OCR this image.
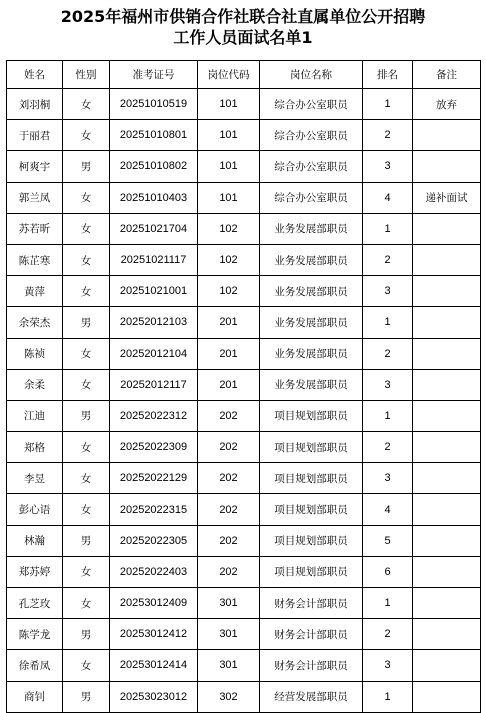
2025年福州市供销合作社联合社直属单位公开招聘
工作人员面试名单1
姓名	性别	准考证号	岗位代码	岗位名称	排名	备注
刘羽桐	女	20251010519	101	综合办公室职员	1	放弃
于丽君	女	20251010801	101	综合办公室职员	2	
柯爽宇	男	20251010802	101	综合办公室职员	3	
郭兰凤	女	20251010403	101	综合办公室职员	4	递补面试
苏若昕	女	20251021704	102	业务发展部职员	1	
陈芷寒	女	20251021117	102	业务发展部职员	2	
黄萍	女	20251021001	102	业务发展部职员	3	
余荣杰	男	20252012103	201	业务发展部职员	1	
陈祯	女	20252012104	201	业务发展部职员	2	
余柔	女	20252012117	201	业务发展部职员	3	
江迪	男	20252022312	202	项目规划部职员	1	
郑格	女	20252022309	202	项目规划部职员	2	
李昱	女	20252022129	202	项目规划部职员	3	
彭心语	女	20252022315	202	项目规划部职员	4	
林瀚	男	20252022305	202	项目规划部职员	5	
郑苏婷	女	20252022403	202	项目规划部职员	6	
孔芝玫	女	20253012409	301	财务会计部职员	1	
陈学龙	男	20253012412	301	财务会计部职员	2	
徐希凤	女	20253012414	301	财务会计部职员	3	
商钊	男	20253023012	302	经营发展部职员	1	
